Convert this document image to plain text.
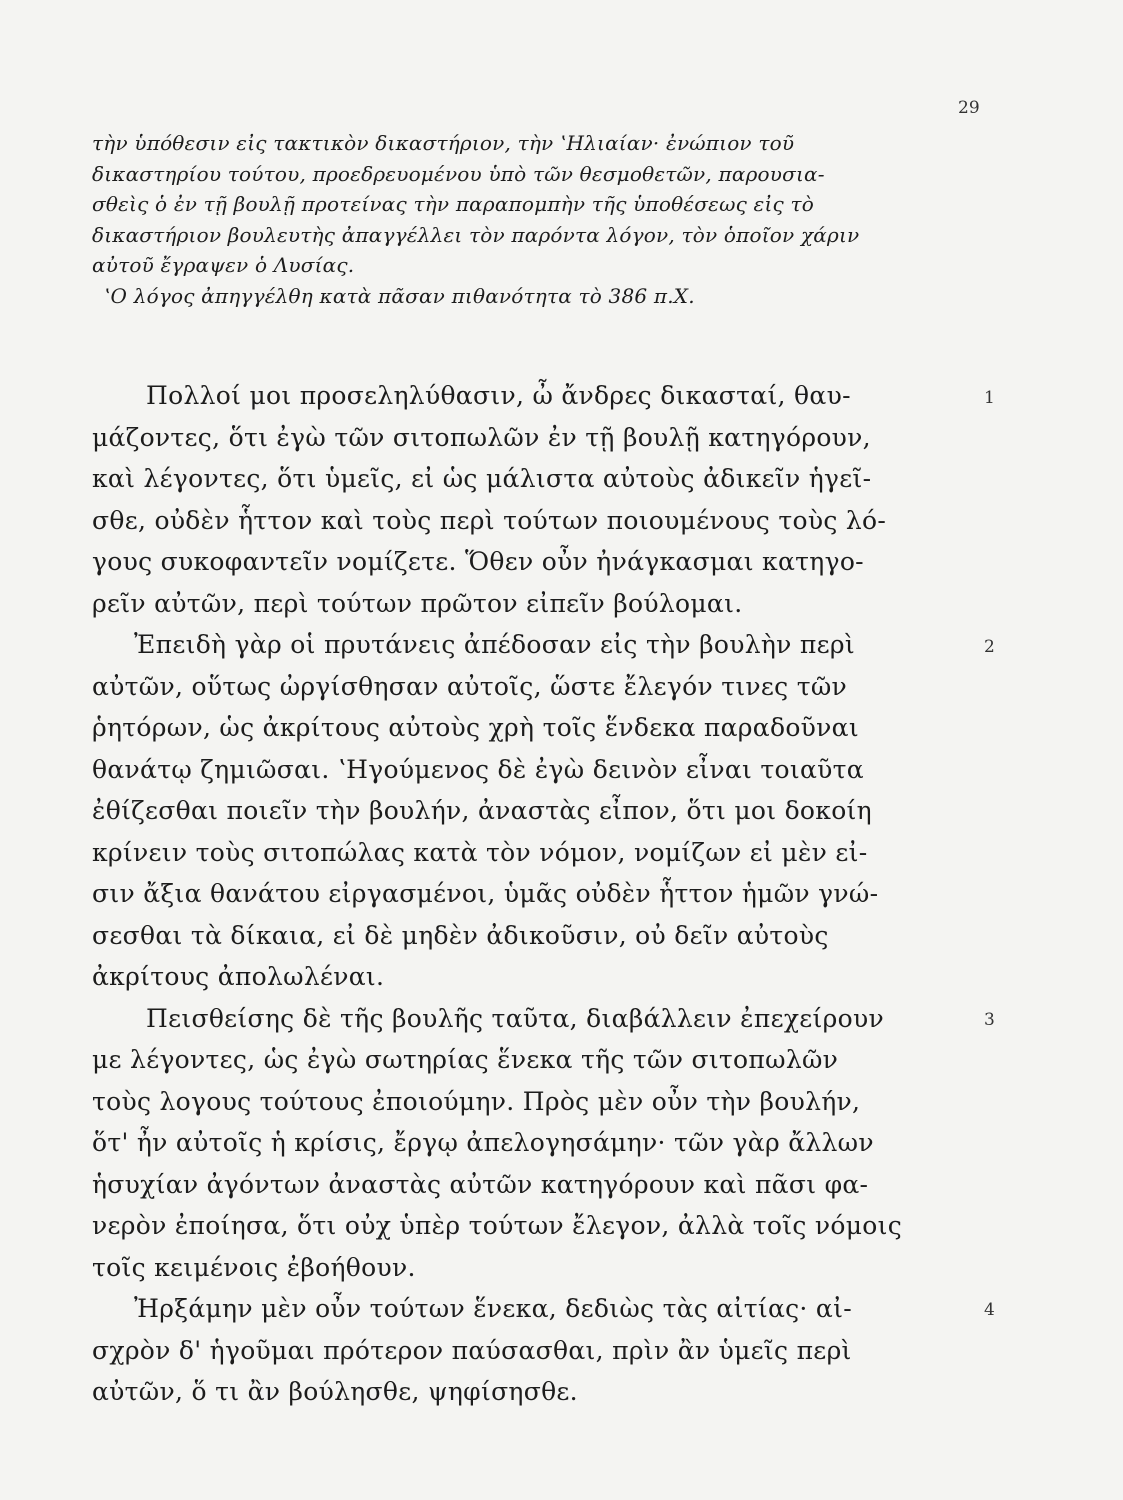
29
τὴν ὑπόθεσιν εἰς τακτικὸν δικαστήριον, τὴν ʽΗλιαίαν· ἐνώπιον τοῦ
δικαστηρίου τούτου, προεδρευομένου ὑπὸ τῶν θεσμοθετῶν, παρουσια-
σθεὶς ὁ ἐν τῇ βουλῇ προτείνας τὴν παραπομπὴν τῆς ὑποθέσεως εἰς τὸ
δικαστήριον βουλευτὴς ἀπαγγέλλει τὸν παρόντα λόγον, τὸν ὁποῖον χάριν
αὐτοῦ ἔγραψεν ὁ Λυσίας.
ʽΟ λόγος ἀπηγγέλθη κατὰ πᾶσαν πιθανότητα τὸ 386 π.Χ.
Πολλοί μοι προσεληλύθασιν, ὦ ἄνδρες δικασταί, θαυ-
μάζοντες, ὅτι ἐγὼ τῶν σιτοπωλῶν ἐν τῇ βουλῇ κατηγόρουν,
καὶ λέγοντες, ὅτι ὑμεῖς, εἰ ὡς μάλιστα αὐτοὺς ἀδικεῖν ἡγεῖ-
σθε, οὐδὲν ἧττον καὶ τοὺς περὶ τούτων ποιουμένους τοὺς λό-
γους συκοφαντεῖν νομίζετε. Ὅθεν οὖν ἠνάγκασμαι κατηγο-
ρεῖν αὐτῶν, περὶ τούτων πρῶτον εἰπεῖν βούλομαι.
Ἐπειδὴ γὰρ οἱ πρυτάνεις ἀπέδοσαν εἰς τὴν βουλὴν περὶ
αὐτῶν, οὕτως ὠργίσθησαν αὐτοῖς, ὥστε ἔλεγόν τινες τῶν
ῥητόρων, ὡς ἀκρίτους αὐτοὺς χρὴ τοῖς ἕνδεκα παραδοῦναι
θανάτῳ ζημιῶσαι. ʽΗγούμενος δὲ ἐγὼ δεινὸν εἶναι τοιαῦτα
ἐθίζεσθαι ποιεῖν τὴν βουλήν, ἀναστὰς εἶπον, ὅτι μοι δοκοίη
κρίνειν τοὺς σιτοπώλας κατὰ τὸν νόμον, νομίζων εἰ μὲν εἰ-
σιν ἄξια θανάτου εἰργασμένοι, ὑμᾶς οὐδὲν ἧττον ἡμῶν γνώ-
σεσθαι τὰ δίκαια, εἰ δὲ μηδὲν ἀδικοῦσιν, οὐ δεῖν αὐτοὺς
ἀκρίτους ἀπολωλέναι.
Πεισθείσης δὲ τῆς βουλῆς ταῦτα, διαβάλλειν ἐπεχείρουν
με λέγοντες, ὡς ἐγὼ σωτηρίας ἕνεκα τῆς τῶν σιτοπωλῶν
τοὺς λογους τούτους ἐποιούμην. Πρὸς μὲν οὖν τὴν βουλήν,
ὅτ' ἦν αὐτοῖς ἡ κρίσις, ἔργῳ ἀπελογησάμην· τῶν γὰρ ἄλλων
ἡσυχίαν ἀγόντων ἀναστὰς αὐτῶν κατηγόρουν καὶ πᾶσι φα-
νερὸν ἐποίησα, ὅτι οὐχ ὑπὲρ τούτων ἔλεγον, ἀλλὰ τοῖς νόμοις
τοῖς κειμένοις ἐβοήθουν.
Ἠρξάμην μὲν οὖν τούτων ἕνεκα, δεδιὼς τὰς αἰτίας· αἰ-
σχρὸν δ' ἡγοῦμαι πρότερον παύσασθαι, πρὶν ἂν ὑμεῖς περὶ
αὐτῶν, ὅ τι ἂν βούλησθε, ψηφίσησθε.
1
2
3
4
